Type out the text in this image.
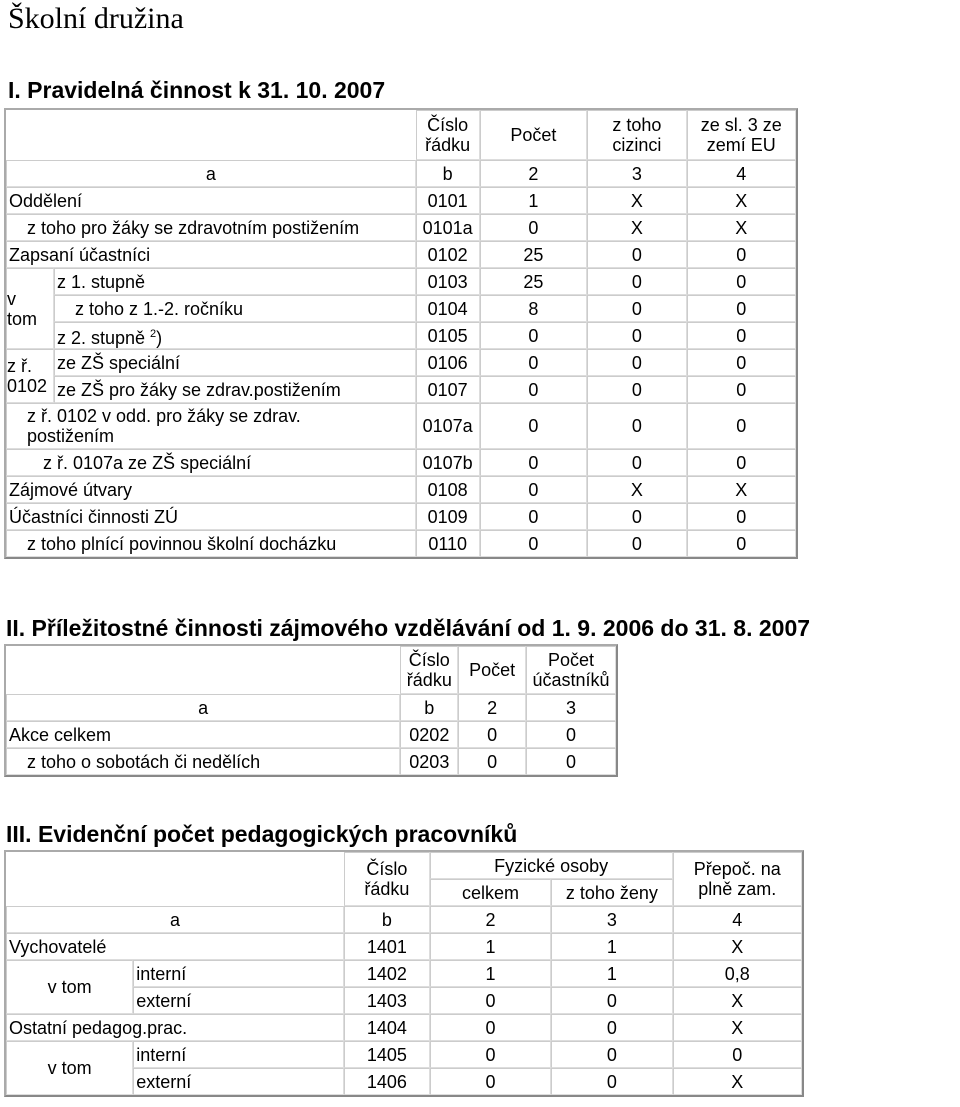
Školní družina
I. Pravidelná činnost k 31. 10. 2007
		Číslo řádku	Počet	z toho cizinci	ze sl. 3 ze zemí EU
a		b	2	3	4
Oddělení		0101	1	X	X
z toho pro žáky se zdravotním postižením		0101a	0	X	X
Zapsaní účastníci		0102	25	0	0
v tom	z 1. stupně	0103	25	0	0
	z toho z 1.-2. ročníku	0104	8	0	0
	z 2. stupně $^2$)	0105	0	0	0
z ř. 0102	ze ZŠ speciální	0106	0	0	0
	ze ZŠ pro žáky se zdrav.postižením	0107	0	0	0
z ř. 0102 v odd. pro žáky se zdrav. postižením		0107a	0	0	0
z ř. 0107a ze ZŠ speciální		0107b	0	0	0
Zájmové útvary		0108	0	X	X
Účastníci činnosti ZÚ		0109	0	0	0
z toho plnící povinnou školní docházku		0110	0	0	0
II. Příležitostné činnosti zájmového vzdělávání od 1. 9. 2006 do 31. 8. 2007
	Číslo řádku	Počet	Počet účastníků
a	b	2	3
Akce celkem	0202	0	0
z toho o sobotách či nedělích	0203	0	0
III. Evidenční počet pedagogických pracovníků
		Číslo řádku	Fyzické osoby		Přepoč. na plně zam.
			celkem	z toho ženy	
a		b	2	3	4
Vychovatelé		1401	1	1	X
v tom	interní	1402	1	1	0,8
	externí	1403	0	0	X
Ostatní pedagog.prac.		1404	0	0	X
v tom	interní	1405	0	0	0
	externí	1406	0	0	X
